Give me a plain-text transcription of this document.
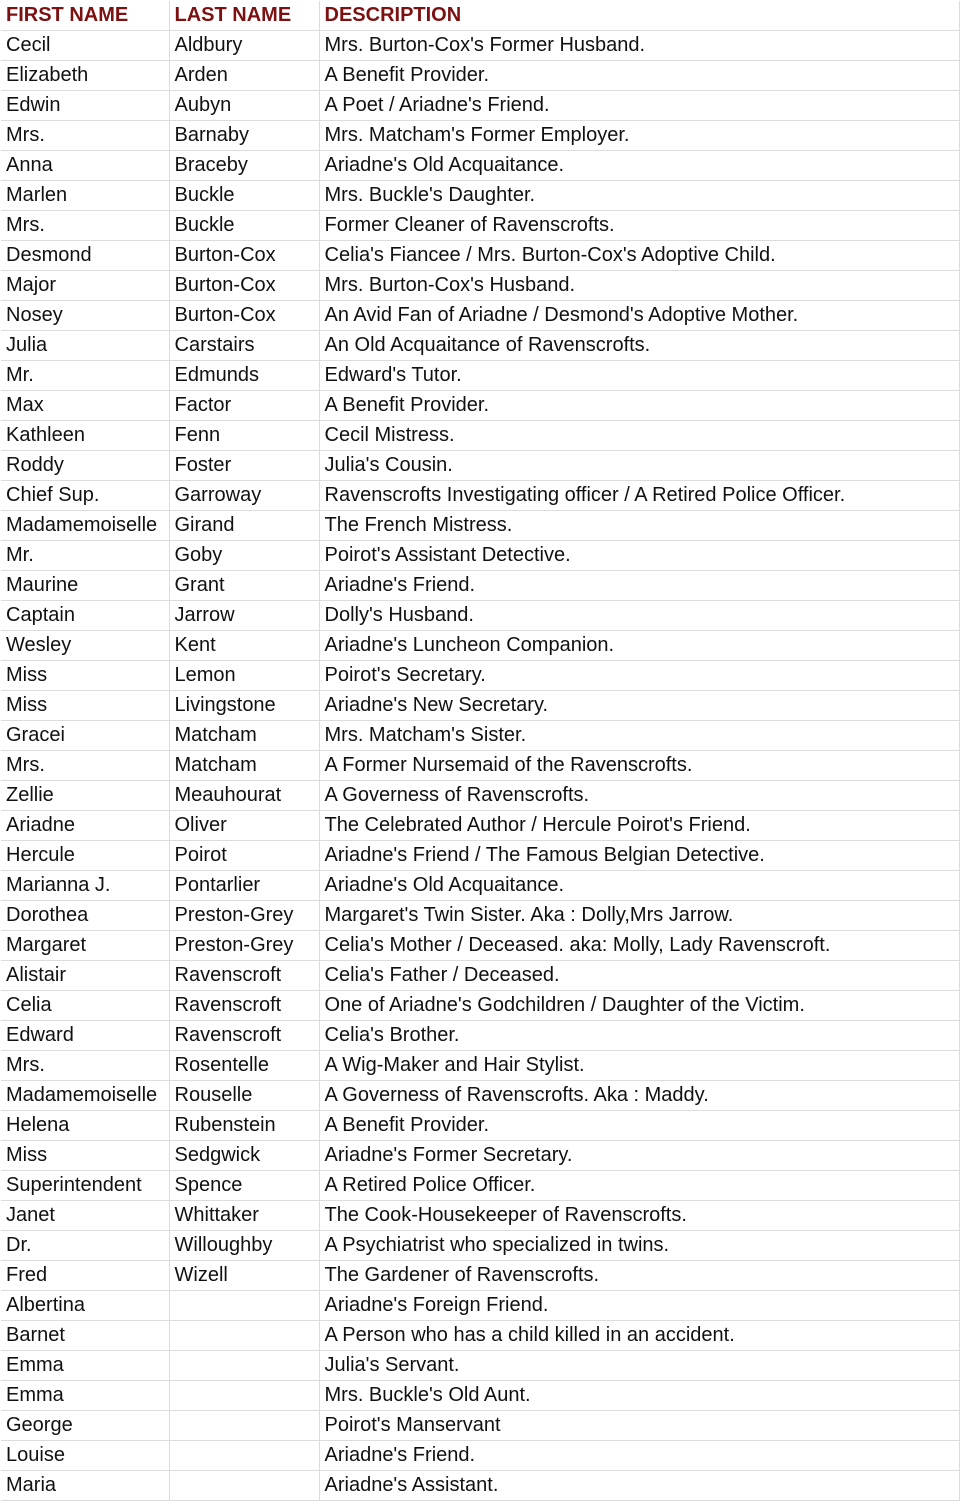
FIRST NAME	LAST NAME	DESCRIPTION
Cecil	Aldbury	Mrs. Burton-Cox's Former Husband.
Elizabeth	Arden	A Benefit Provider.
Edwin	Aubyn	A Poet / Ariadne's Friend.
Mrs.	Barnaby	Mrs. Matcham's Former Employer.
Anna	Braceby	Ariadne's Old Acquaitance.
Marlen	Buckle	Mrs. Buckle's Daughter.
Mrs.	Buckle	Former Cleaner of Ravenscrofts.
Desmond	Burton-Cox	Celia's Fiancee / Mrs. Burton-Cox's Adoptive Child.
Major	Burton-Cox	Mrs. Burton-Cox's Husband.
Nosey	Burton-Cox	An Avid Fan of Ariadne / Desmond's Adoptive Mother.
Julia	Carstairs	An Old Acquaitance of Ravenscrofts.
Mr.	Edmunds	Edward's Tutor.
Max	Factor	A Benefit Provider.
Kathleen	Fenn	Cecil Mistress.
Roddy	Foster	Julia's Cousin.
Chief Sup.	Garroway	Ravenscrofts Investigating officer / A Retired Police Officer.
Madamemoiselle	Girand	The French Mistress.
Mr.	Goby	Poirot's Assistant Detective.
Maurine	Grant	Ariadne's Friend.
Captain	Jarrow	Dolly's Husband.
Wesley	Kent	Ariadne's Luncheon Companion.
Miss	Lemon	Poirot's Secretary.
Miss	Livingstone	Ariadne's New Secretary.
Gracei	Matcham	Mrs. Matcham's Sister.
Mrs.	Matcham	A Former Nursemaid of the Ravenscrofts.
Zellie	Meauhourat	A Governess of Ravenscrofts.
Ariadne	Oliver	The Celebrated Author / Hercule Poirot's Friend.
Hercule	Poirot	Ariadne's Friend / The Famous Belgian Detective.
Marianna J.	Pontarlier	Ariadne's Old Acquaitance.
Dorothea	Preston-Grey	Margaret's Twin Sister. Aka : Dolly,Mrs Jarrow.
Margaret	Preston-Grey	Celia's Mother / Deceased. aka: Molly, Lady Ravenscroft.
Alistair	Ravenscroft	Celia's Father / Deceased.
Celia	Ravenscroft	One of Ariadne's Godchildren / Daughter of the Victim.
Edward	Ravenscroft	Celia's Brother.
Mrs.	Rosentelle	A Wig-Maker and Hair Stylist.
Madamemoiselle	Rouselle	A Governess of Ravenscrofts. Aka : Maddy.
Helena	Rubenstein	A Benefit Provider.
Miss	Sedgwick	Ariadne's Former Secretary.
Superintendent	Spence	A Retired Police Officer.
Janet	Whittaker	The Cook-Housekeeper of Ravenscrofts.
Dr.	Willoughby	A Psychiatrist who specialized in twins.
Fred	Wizell	The Gardener of Ravenscrofts.
Albertina		Ariadne's Foreign Friend.
Barnet		A Person who has a child killed in an accident.
Emma		Julia's Servant.
Emma		Mrs. Buckle's Old Aunt.
George		Poirot's Manservant
Louise		Ariadne's Friend.
Maria		Ariadne's Assistant.
